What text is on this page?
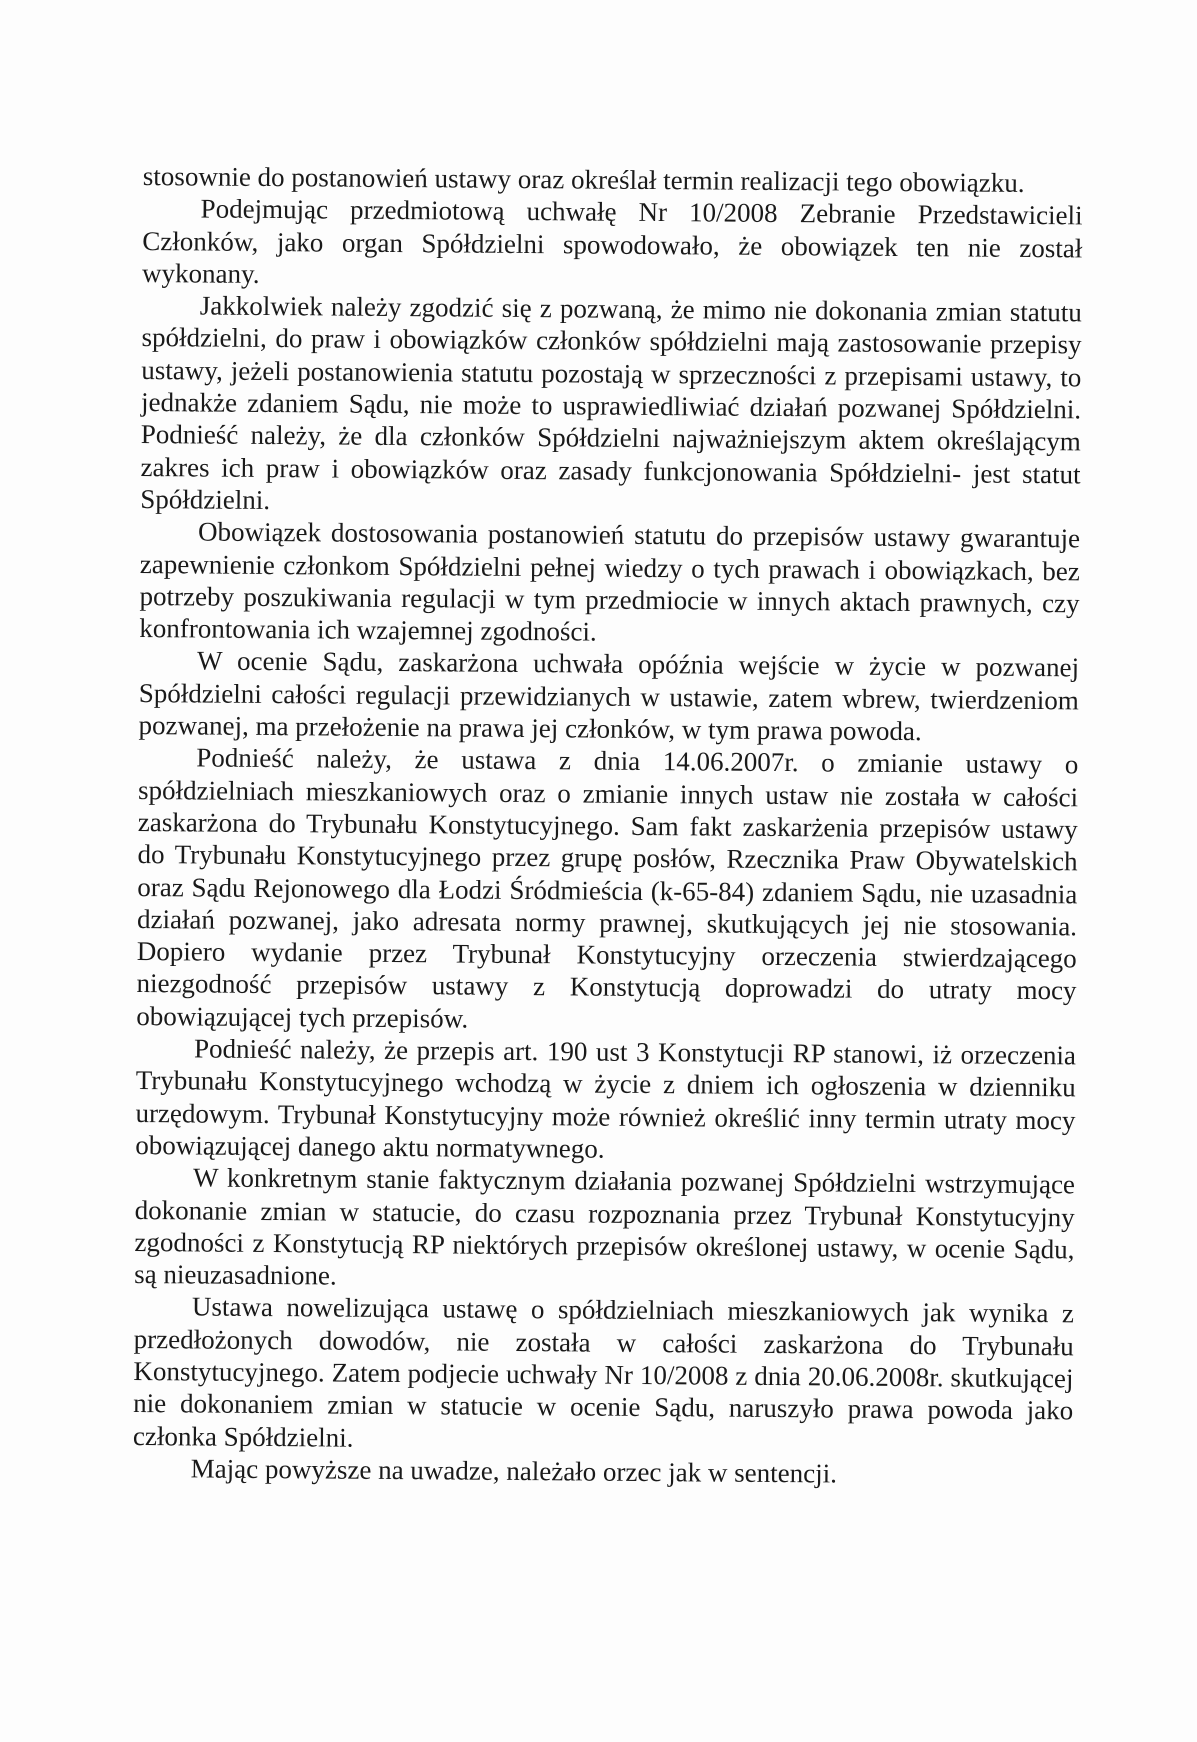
stosownie do postanowień ustawy oraz określał termin realizacji tego obowiązku.

Podejmując przedmiotową uchwałę Nr 10/2008 Zebranie Przedstawicieli Członków, jako organ Spółdzielni spowodowało, że obowiązek ten nie został wykonany.

Jakkolwiek należy zgodzić się z pozwaną, że mimo nie dokonania zmian statutu spółdzielni, do praw i obowiązków członków spółdzielni mają zastosowanie przepisy ustawy, jeżeli postanowienia statutu pozostają w sprzeczności z przepisami ustawy, to jednakże zdaniem Sądu, nie może to usprawiedliwiać działań pozwanej Spółdzielni. Podnieść należy, że dla członków Spółdzielni najważniejszym aktem określającym zakres ich praw i obowiązków oraz zasady funkcjonowania Spółdzielni- jest statut Spółdzielni.

Obowiązek dostosowania postanowień statutu do przepisów ustawy gwarantuje zapewnienie członkom Spółdzielni pełnej wiedzy o tych prawach i obowiązkach, bez potrzeby poszukiwania regulacji w tym przedmiocie w innych aktach prawnych, czy konfrontowania ich wzajemnej zgodności.

W ocenie Sądu, zaskarżona uchwała opóźnia wejście w życie w pozwanej Spółdzielni całości regulacji przewidzianych w ustawie, zatem wbrew, twierdzeniom pozwanej, ma przełożenie na prawa jej członków, w tym prawa powoda.

Podnieść należy, że ustawa z dnia 14.06.2007r. o zmianie ustawy o spółdzielniach mieszkaniowych oraz o zmianie innych ustaw nie została w całości zaskarżona do Trybunału Konstytucyjnego. Sam fakt zaskarżenia przepisów ustawy do Trybunału Konstytucyjnego przez grupę posłów, Rzecznika Praw Obywatelskich oraz Sądu Rejonowego dla Łodzi Śródmieścia (k-65-84) zdaniem Sądu, nie uzasadnia działań pozwanej, jako adresata normy prawnej, skutkujących jej nie stosowania. Dopiero wydanie przez Trybunał Konstytucyjny orzeczenia stwierdzającego niezgodność przepisów ustawy z Konstytucją doprowadzi do utraty mocy obowiązującej tych przepisów.

Podnieść należy, że przepis art. 190 ust 3 Konstytucji RP stanowi, iż orzeczenia Trybunału Konstytucyjnego wchodzą w życie z dniem ich ogłoszenia w dzienniku urzędowym. Trybunał Konstytucyjny może również określić inny termin utraty mocy obowiązującej danego aktu normatywnego.

W konkretnym stanie faktycznym działania pozwanej Spółdzielni wstrzymujące dokonanie zmian w statucie, do czasu rozpoznania przez Trybunał Konstytucyjny zgodności z Konstytucją RP niektórych przepisów określonej ustawy, w ocenie Sądu, są nieuzasadnione.

Ustawa nowelizująca ustawę o spółdzielniach mieszkaniowych jak wynika z przedłożonych dowodów, nie została w całości zaskarżona do Trybunału Konstytucyjnego. Zatem podjecie uchwały Nr 10/2008 z dnia 20.06.2008r. skutkującej nie dokonaniem zmian w statucie w ocenie Sądu, naruszyło prawa powoda jako członka Spółdzielni.

Mając powyższe na uwadze, należało orzec jak w sentencji.
